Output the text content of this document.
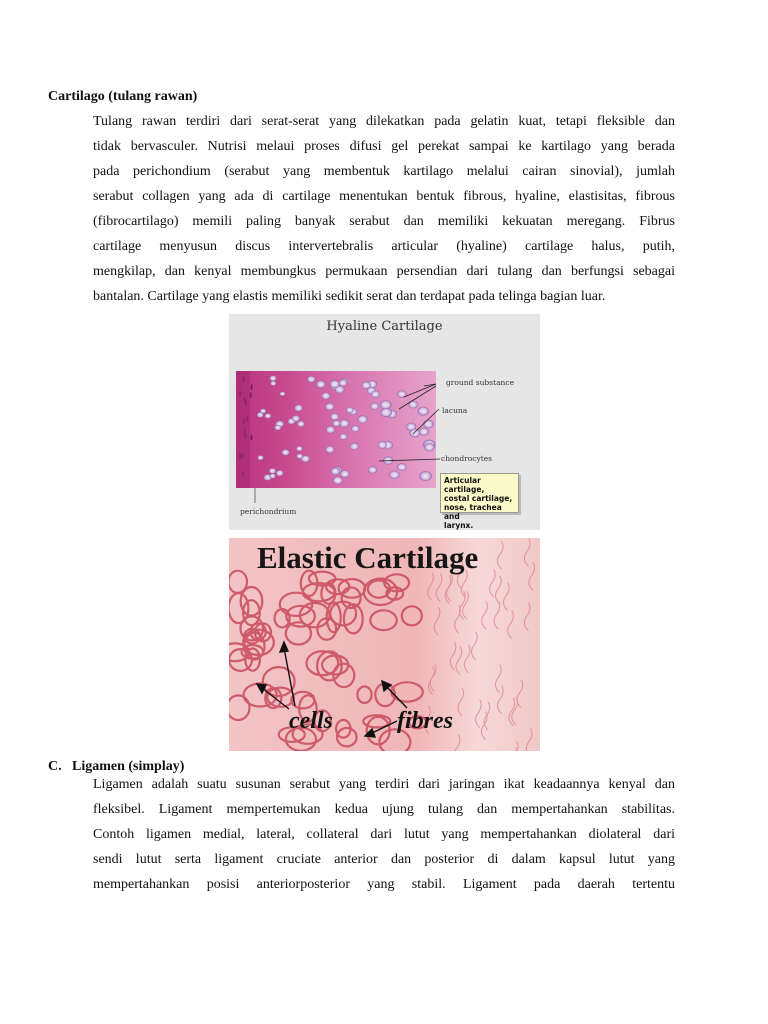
Cartilago (tulang rawan)
Tulang rawan terdiri dari serat-serat yang dilekatkan pada gelatin kuat, tetapi fleksible dan
tidak bervasculer. Nutrisi melaui proses difusi gel perekat sampai ke kartilago yang berada
pada perichondium (serabut yang membentuk kartilago melalui cairan sinovial), jumlah
serabut collagen yang ada di cartilage menentukan bentuk fibrous, hyaline, elastisitas, fibrous
(fibrocartilago) memili paling banyak serabut dan memiliki kekuatan meregang. Fibrus
cartilage menyusun discus intervertebralis articular (hyaline) cartilage halus, putih,
mengkilap, dan kenyal membungkus permukaan persendian dari tulang dan berfungsi sebagai
bantalan. Cartilage yang elastis memiliki sedikit serat dan terdapat pada telinga bagian luar.
ground substance
lacuna
chondrocytes
perichondrium
Hyaline Cartilage
Articular cartilage,
costal cartilage,
nose, trachea and
larynx.
Elastic Cartilage
cells	fibres
C. Ligamen (simplay)
Ligamen adalah suatu susunan serabut yang terdiri dari jaringan ikat keadaannya kenyal dan
fleksibel. Ligament mempertemukan kedua ujung tulang dan mempertahankan stabilitas.
Contoh ligamen medial, lateral, collateral dari lutut yang mempertahankan diolateral dari
sendi lutut serta ligament cruciate anterior dan posterior di dalam kapsul lutut yang
mempertahankan posisi anteriorposterior yang stabil. Ligament pada daerah tertentu
